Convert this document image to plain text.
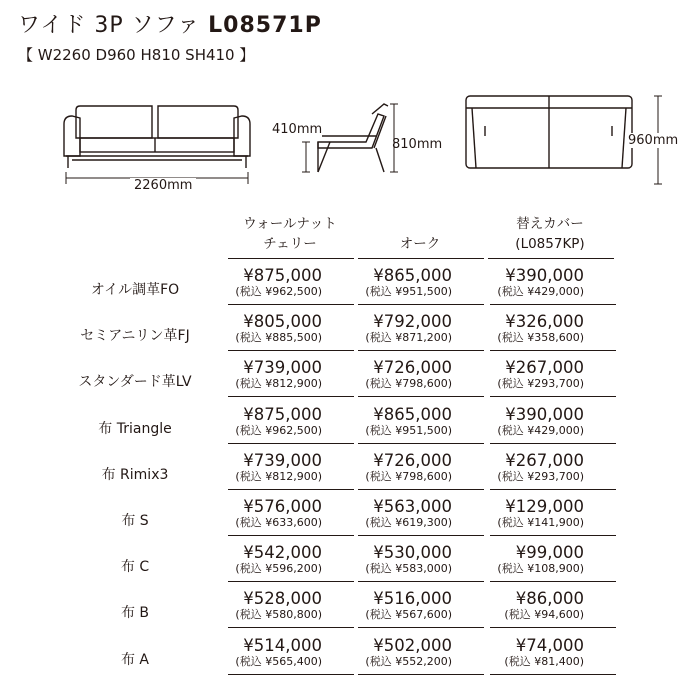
ワイド 3P ソファ L08571P
【 W2260 D960 H810 SH410 】
2260mm
410mm
810mm	960mm
ウォールナット
チェリー	オーク
替えカバー
(L0857KP)
オイル調革FO
¥875,000
(税込 ¥962,500)
¥865,000
(税込 ¥951,500)
¥390,000
(税込 ¥429,000)
セミアニリン革FJ
¥805,000
(税込 ¥885,500)
¥792,000
(税込 ¥871,200)
¥326,000
(税込 ¥358,600)
スタンダード革LV
¥739,000
(税込 ¥812,900)
¥726,000
(税込 ¥798,600)
¥267,000
(税込 ¥293,700)
布 Triangle
¥875,000
(税込 ¥962,500)
¥865,000
(税込 ¥951,500)
¥390,000
(税込 ¥429,000)
布 Rimix3
¥739,000
(税込 ¥812,900)
¥726,000
(税込 ¥798,600)
¥267,000
(税込 ¥293,700)
布 S
¥576,000
(税込 ¥633,600)
¥563,000
(税込 ¥619,300)
¥129,000
(税込 ¥141,900)
布 C
¥542,000
(税込 ¥596,200)
¥530,000
(税込 ¥583,000)
¥99,000
(税込 ¥108,900)
布 B
¥528,000
(税込 ¥580,800)
¥516,000
(税込 ¥567,600)
¥86,000
(税込 ¥94,600)
布 A
¥514,000
(税込 ¥565,400)
¥502,000
(税込 ¥552,200)
¥74,000
(税込 ¥81,400)
